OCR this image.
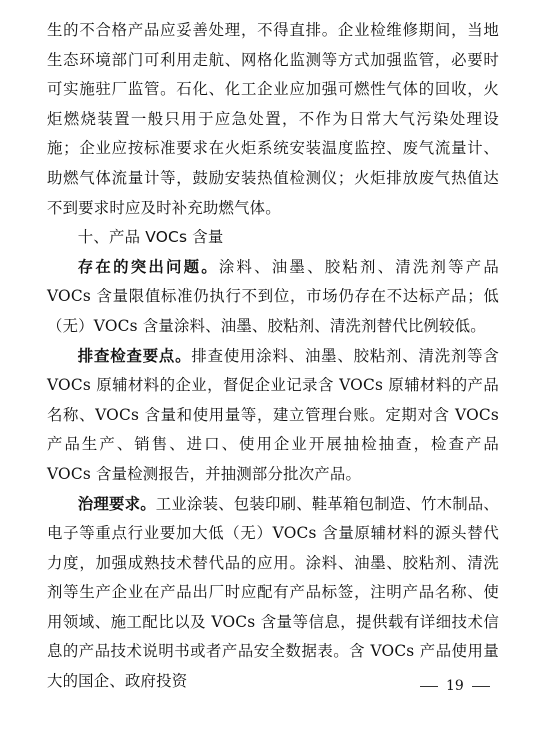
生的不合格产品应妥善处理，不得直排。企业检维修期间，当地生态环境部门可利用走航、网格化监测等方式加强监管，必要时可实施驻厂监管。石化、化工企业应加强可燃性气体的回收，火炬燃烧装置一般只用于应急处置，不作为日常大气污染处理设施；企业应按标准要求在火炬系统安装温度监控、废气流量计、助燃气体流量计等，鼓励安装热值检测仪；火炬排放废气热值达不到要求时应及时补充助燃气体。

十、产品 VOCs 含量

存在的突出问题。涂料、油墨、胶粘剂、清洗剂等产品 VOCs 含量限值标准仍执行不到位，市场仍存在不达标产品；低（无）VOCs 含量涂料、油墨、胶粘剂、清洗剂替代比例较低。

排查检查要点。排查使用涂料、油墨、胶粘剂、清洗剂等含 VOCs 原辅材料的企业，督促企业记录含 VOCs 原辅材料的产品名称、VOCs 含量和使用量等，建立管理台账。定期对含 VOCs 产品生产、销售、进口、使用企业开展抽检抽查，检查产品 VOCs 含量检测报告，并抽测部分批次产品。

治理要求。工业涂装、包装印刷、鞋革箱包制造、竹木制品、电子等重点行业要加大低（无）VOCs 含量原辅材料的源头替代力度，加强成熟技术替代品的应用。涂料、油墨、胶粘剂、清洗剂等生产企业在产品出厂时应配有产品标签，注明产品名称、使用领域、施工配比以及 VOCs 含量等信息，提供载有详细技术信息的产品技术说明书或者产品安全数据表。含 VOCs 产品使用量大的国企、政府投资	19
